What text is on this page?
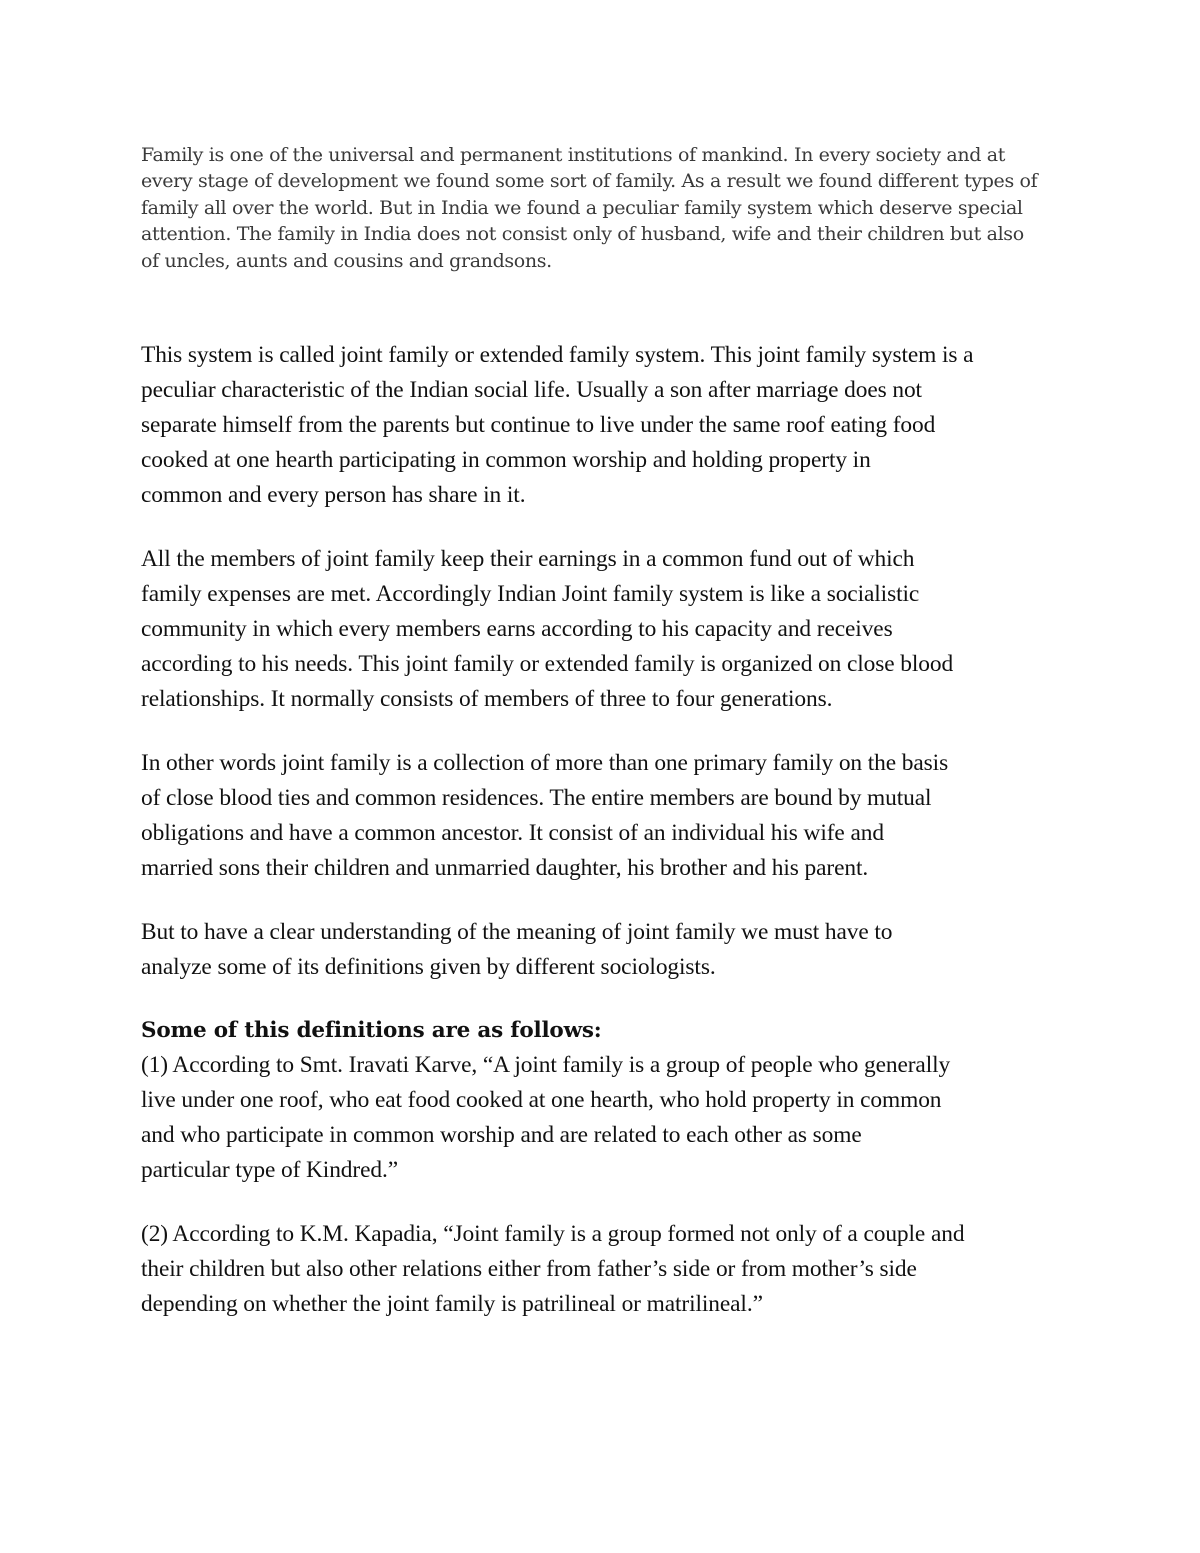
Family is one of the universal and permanent institutions of mankind. In every society and at
every stage of development we found some sort of family. As a result we found different types of
family all over the world. But in India we found a peculiar family system which deserve special
attention. The family in India does not consist only of husband, wife and their children but also
of uncles, aunts and cousins and grandsons.

This system is called joint family or extended family system. This joint family system is a
peculiar characteristic of the Indian social life. Usually a son after marriage does not
separate himself from the parents but continue to live under the same roof eating food
cooked at one hearth participating in common worship and holding property in
common and every person has share in it.

All the members of joint family keep their earnings in a common fund out of which
family expenses are met. Accordingly Indian Joint family system is like a socialistic
community in which every members earns according to his capacity and receives
according to his needs. This joint family or extended family is organized on close blood
relationships. It normally consists of members of three to four generations.

In other words joint family is a collection of more than one primary family on the basis
of close blood ties and common residences. The entire members are bound by mutual
obligations and have a common ancestor. It consist of an individual his wife and
married sons their children and unmarried daughter, his brother and his parent.

But to have a clear understanding of the meaning of joint family we must have to
analyze some of its definitions given by different sociologists.

Some of this definitions are as follows:

(1) According to Smt. Iravati Karve, “A joint family is a group of people who generally
live under one roof, who eat food cooked at one hearth, who hold property in common
and who participate in common worship and are related to each other as some
particular type of Kindred.”

(2) According to K.M. Kapadia, “Joint family is a group formed not only of a couple and
their children but also other relations either from father’s side or from mother’s side
depending on whether the joint family is patrilineal or matrilineal.”
